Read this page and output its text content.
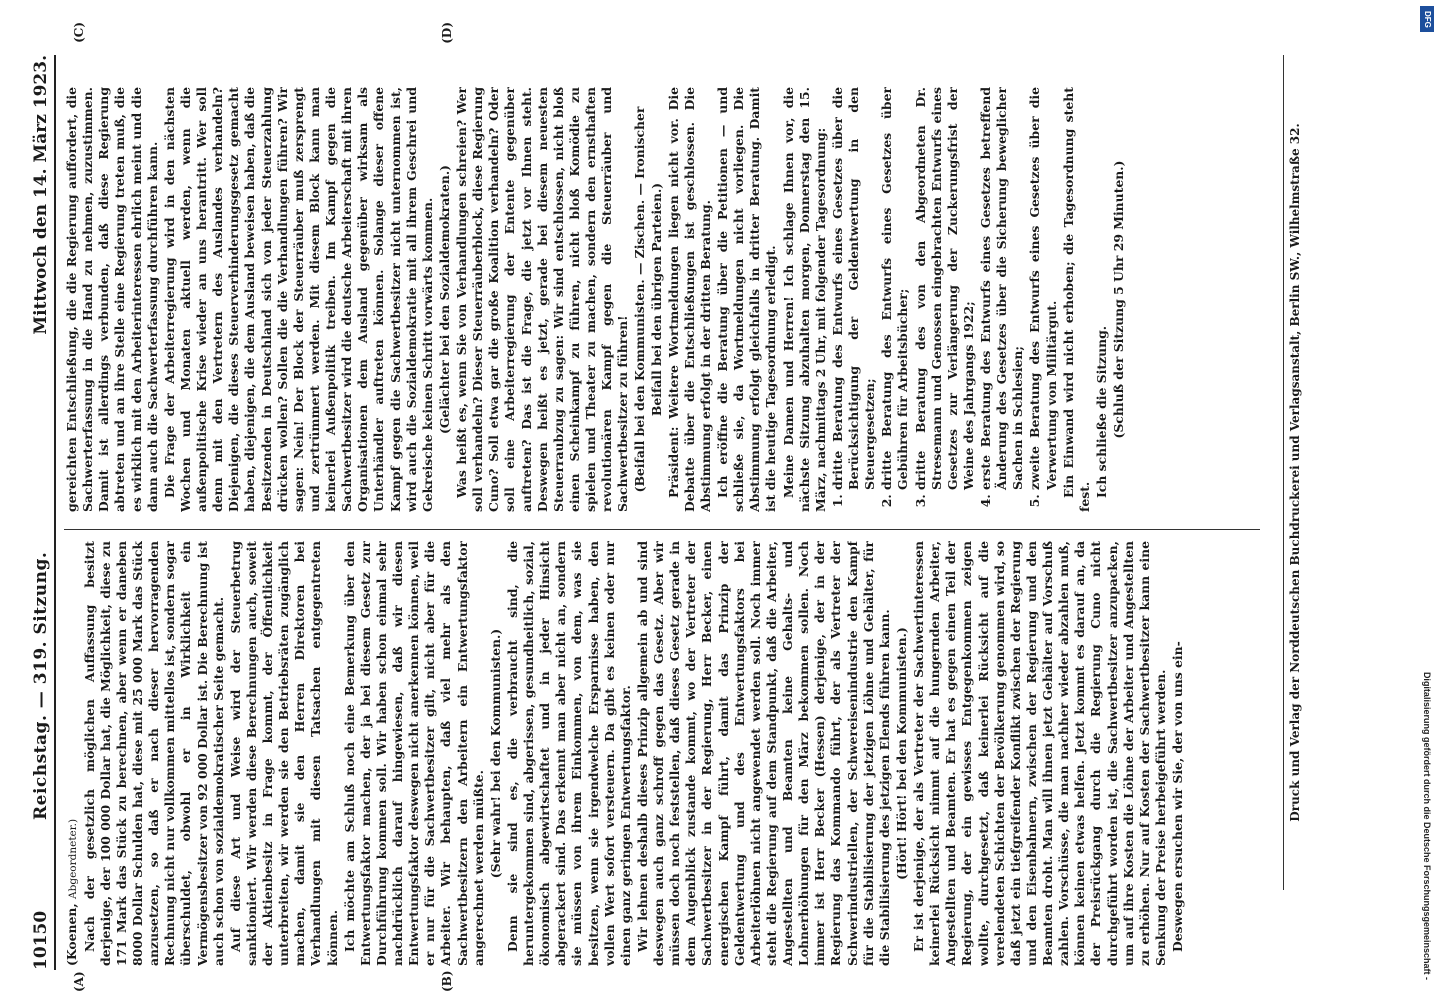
10150
Reichstag. — 319. Sitzung.
Mittwoch den 14. März 1923.
(A)	(B)
(C)	(D)

(Koenen, Abgeordneter.) Nach der gesetzlich möglichen Auffassung besitzt derjenige, der 100 000 Dollar hat, die Möglichkeit, diese zu 171 Mark das Stück zu berechnen, aber wenn er daneben 8000 Dollar Schulden hat, diese mit 25 000 Mark das Stück anzusetzen, so daß er nach dieser hervorragenden Rechnung nicht nur vollkommen mittellos ist, sondern sogar überschuldet, obwohl er in Wirklichkeit ein Vermögensbesitzer von 92 000 Dollar ist. Die Berechnung ist auch schon von sozialdemokratischer Seite gemacht. Auf diese Art und Weise wird der Steuerbetrug sanktioniert. Wir werden diese Berechnungen auch, soweit der Aktienbesitz in Frage kommt, der Öffentlichkeit unterbreiten, wir werden sie den Betriebsräten zugänglich machen, damit sie den Herren Direktoren bei Verhandlungen mit diesen Tatsachen entgegentreten können. Ich möchte am Schluß noch eine Bemerkung über den Entwertungsfaktor machen, der ja bei diesem Gesetz zur Durchführung kommen soll. Wir haben schon einmal sehr nachdrücklich darauf hingewiesen, daß wir diesen Entwertungsfaktor deswegen nicht anerkennen können, weil er nur für die Sachwertbesitzer gilt, nicht aber für die Arbeiter. Wir behaupten, daß viel mehr als den Sachwertbesitzern den Arbeitern ein Entwertungsfaktor angerechnet werden müßte. (Sehr wahr! bei den Kommunisten.) Denn sie sind es, die verbraucht sind, die heruntergekommen sind, abgerissen, gesundheitlich, sozial, ökonomisch abgewirtschaftet und in jeder Hinsicht abgerackert sind. Das erkennt man aber nicht an, sondern sie müssen von ihrem Einkommen, von dem, was sie besitzen, wenn sie irgendwelche Ersparnisse haben, den vollen Wert sofort versteuern. Da gibt es keinen oder nur einen ganz geringen Entwertungsfaktor. Wir lehnen deshalb dieses Prinzip allgemein ab und sind deswegen auch ganz schroff gegen das Gesetz. Aber wir müssen doch noch feststellen, daß dieses Gesetz gerade in dem Augenblick zustande kommt, wo der Vertreter der Sachwertbesitzer in der Regierung, Herr Becker, einen energischen Kampf führt, damit das Prinzip der Geldentwertung und des Entwertungsfaktors bei Arbeiterlöhnen nicht angewendet werden soll. Noch immer steht die Regierung auf dem Standpunkt, daß die Arbeiter, Angestellten und Beamten keine Gehalts- und Lohnerhöhungen für den März bekommen sollen. Noch immer ist Herr Becker (Hessen) derjenige, der in der Regierung das Kommando führt, der als Vertreter der Schwerindustriellen, der Schwereisenindustrie den Kampf für die Stabilisierung der jetzigen Löhne und Gehälter, für die Stabilisierung des jetzigen Elends führen kann. (Hört! Hört! bei den Kommunisten.) Er ist derjenige, der als Vertreter der Sachwertinteressen keinerlei Rücksicht nimmt auf die hungernden Arbeiter, Angestellten und Beamten. Er hat es gegen einen Teil der Regierung, der ein gewisses Entgegenkommen zeigen wollte, durchgesetzt, daß keinerlei Rücksicht auf die verelendeten Schichten der Bevölkerung genommen wird, so daß jetzt ein tiefgreifender Konflikt zwischen der Regierung und den Eisenbahnern, zwischen der Regierung und den Beamten droht. Man will ihnen jetzt Gehälter auf Vorschuß zahlen. Vorschüsse, die man nachher wieder abzahlen muß, können keinen etwas helfen. Jetzt kommt es darauf an, da der Preisrückgang durch die Regierung Cuno nicht durchgeführt worden ist, die Sachwertbesitzer anzupacken, um auf ihre Kosten die Löhne der Arbeiter und Angestellten zu erhöhen. Nur auf Kosten der Sachwertbesitzer kann eine Senkung der Preise herbeigeführt werden. Deswegen ersuchen wir Sie, der von uns ein-

gereichten Entschließung, die die Regierung auffordert, die Sachwerterfassung in die Hand zu nehmen, zuzustimmen. Damit ist allerdings verbunden, daß diese Regierung abtreten und an ihre Stelle eine Regierung treten muß, die es wirklich mit den Arbeiterinteressen ehrlich meint und die dann auch die Sachwerterfassung durchführen kann. Die Frage der Arbeiterregierung wird in den nächsten Wochen und Monaten aktuell werden, wenn die außenpolitische Krise wieder an uns herantritt. Wer soll denn mit den Vertretern des Auslandes verhandeln? Diejenigen, die dieses Steuerverhinderungsgesetz gemacht haben, diejenigen, die dem Ausland beweisen haben, daß die Besitzenden in Deutschland sich von jeder Steuerzahlung drücken wollen? Sollen die die Verhandlungen führen? Wir sagen: Nein! Der Block der Steuerräuber muß zersprengt und zertrümmert werden. Mit diesem Block kann man keinerlei Außenpolitik treiben. Im Kampf gegen die Sachwertbesitzer wird die deutsche Arbeiterschaft mit ihren Organisationen dem Ausland gegenüber wirksam als Unterhändler auftreten können. Solange dieser offene Kampf gegen die Sachwertbesitzer nicht unternommen ist, wird auch die Sozialdemokratie mit all ihrem Geschrei und Gekreische keinen Schritt vorwärts kommen. (Gelächter bei den Sozialdemokraten.) Was heißt es, wenn Sie von Verhandlungen schreien? Wer soll verhandeln? Dieser Steuerräuberblock, diese Regierung Cuno? Soll etwa gar die große Koalition verhandeln? Oder soll eine Arbeiterregierung der Entente gegenüber auftreten? Das ist die Frage, die jetzt vor Ihnen steht. Deswegen heißt es jetzt, gerade bei diesem neuesten Steuerraubzug zu sagen: Wir sind entschlossen, nicht bloß einen Scheinkampf zu führen, nicht bloß Komödie zu spielen und Theater zu machen, sondern den ernsthaften revolutionären Kampf gegen die Steuerräuber und Sachwertbesitzer zu führen! (Beifall bei den Kommunisten. — Zischen. — Ironischer Beifall bei den übrigen Parteien.)

Präsident: Weitere Wortmeldungen liegen nicht vor. Die Debatte über die Entschließungen ist geschlossen. Die Abstimmung erfolgt in der dritten Beratung. Ich eröffne die Beratung über die Petitionen — und schließe sie, da Wortmeldungen nicht vorliegen. Die Abstimmung erfolgt gleichfalls in dritter Beratung. Damit ist die heutige Tagesordnung erledigt. Meine Damen und Herren! Ich schlage Ihnen vor, die nächste Sitzung abzuhalten morgen, Donnerstag den 15. März, nachmittags 2 Uhr, mit folgender Tagesordnung: 1. dritte Beratung des Entwurfs eines Gesetzes über die Berücksichtigung der Geldentwertung in den Steuergesetzen; 2. dritte Beratung des Entwurfs eines Gesetzes über Gebühren für Arbeitsbücher; 3. dritte Beratung des von den Abgeordneten Dr. Stresemann und Genossen eingebrachten Entwurfs eines Gesetzes zur Verlängerung der Zuckerungsfrist der Weine des Jahrgangs 1922; 4. erste Beratung des Entwurfs eines Gesetzes betreffend Änderung des Gesetzes über die Sicherung beweglicher Sachen in Schlesien; 5. zweite Beratung des Entwurfs eines Gesetzes über die Verwertung von Militärgut. Ein Einwand wird nicht erhoben; die Tagesordnung steht fest. Ich schließe die Sitzung. (Schluß der Sitzung 5 Uhr 29 Minuten.)	Druck und Verlag der Norddeutschen Buchdruckerei und Verlagsanstalt, Berlin SW., Wilhelmstraße 32.
Digitalisierung gefördert durch die Deutsche Forschungsgemeinschaft -
DFG
